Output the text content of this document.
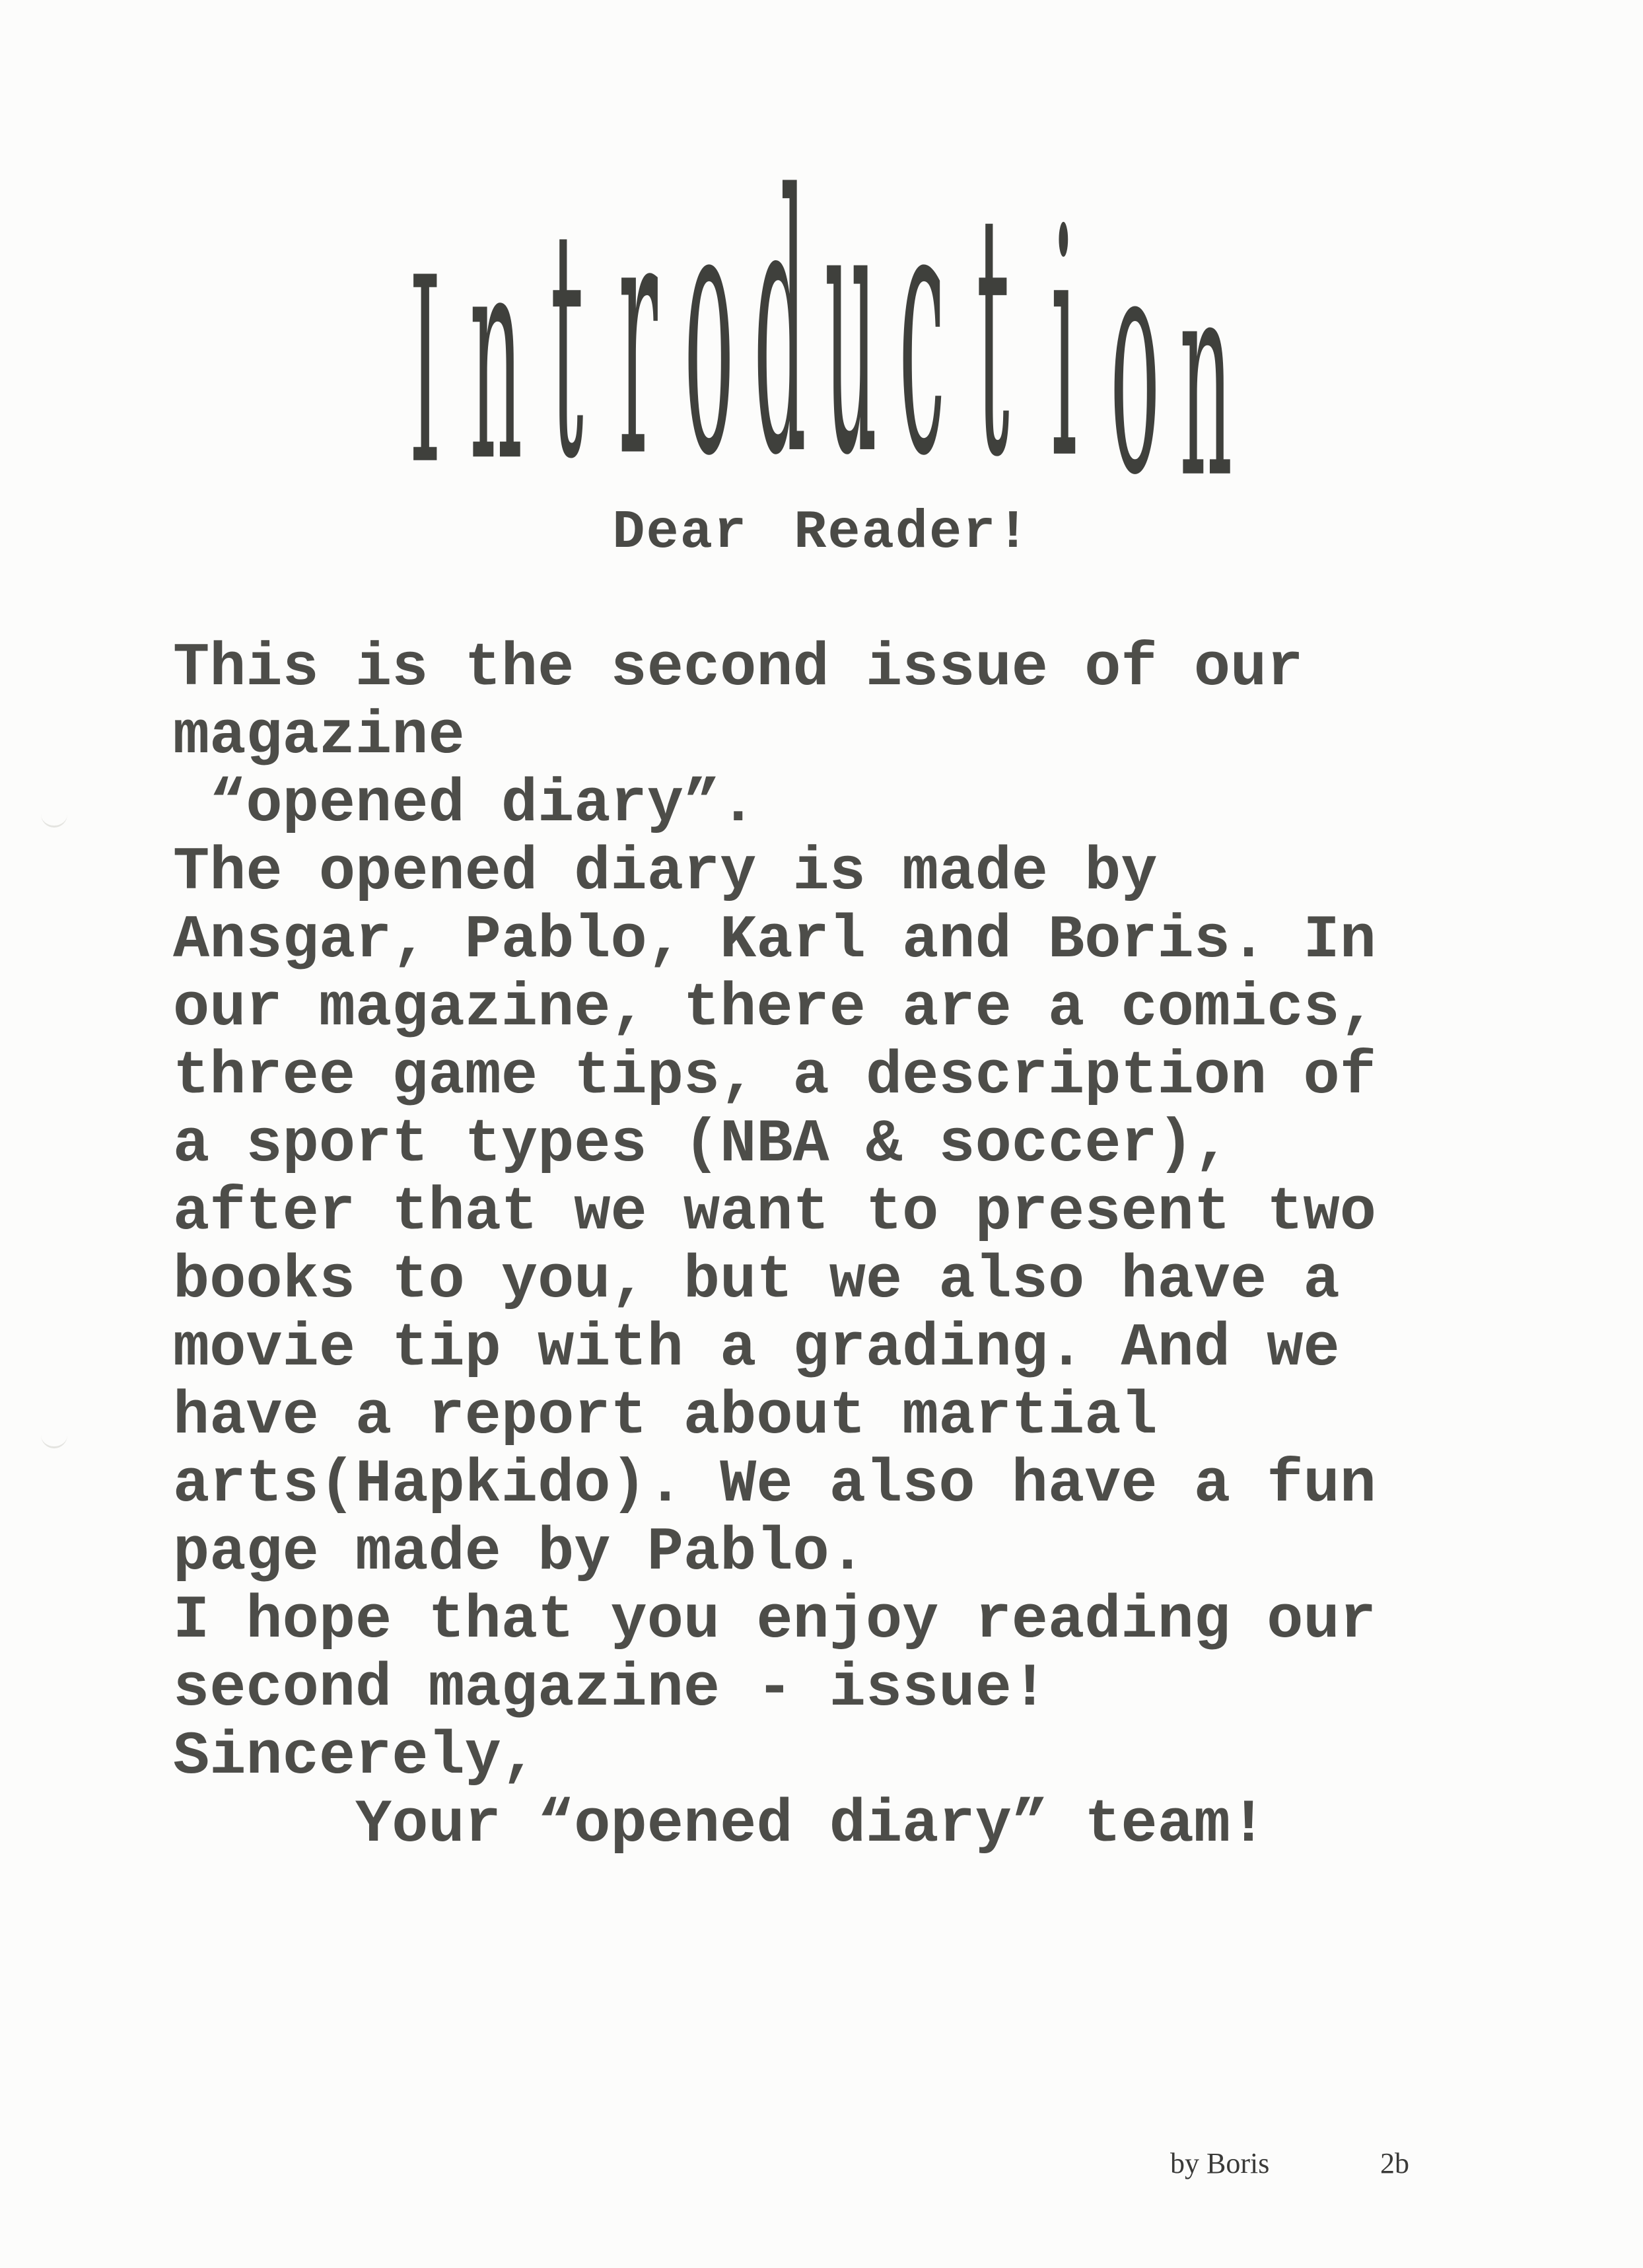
I n t r o d u c t i o n
Dear Reader!
This is the second issue of our
magazine
“opened diary”.
The opened diary is made by
Ansgar, Pablo, Karl and Boris. In
our magazine, there are a comics,
three game tips, a description of
a sport types (NBA & soccer),
after that we want to present two
books to you, but we also have a
movie tip with a grading. And we
have a report about martial
arts(Hapkido). We also have a fun
page made by Pablo.
I hope that you enjoy reading our
second magazine - issue!
Sincerely,
Your “opened diary” team!
by Boris	2b
